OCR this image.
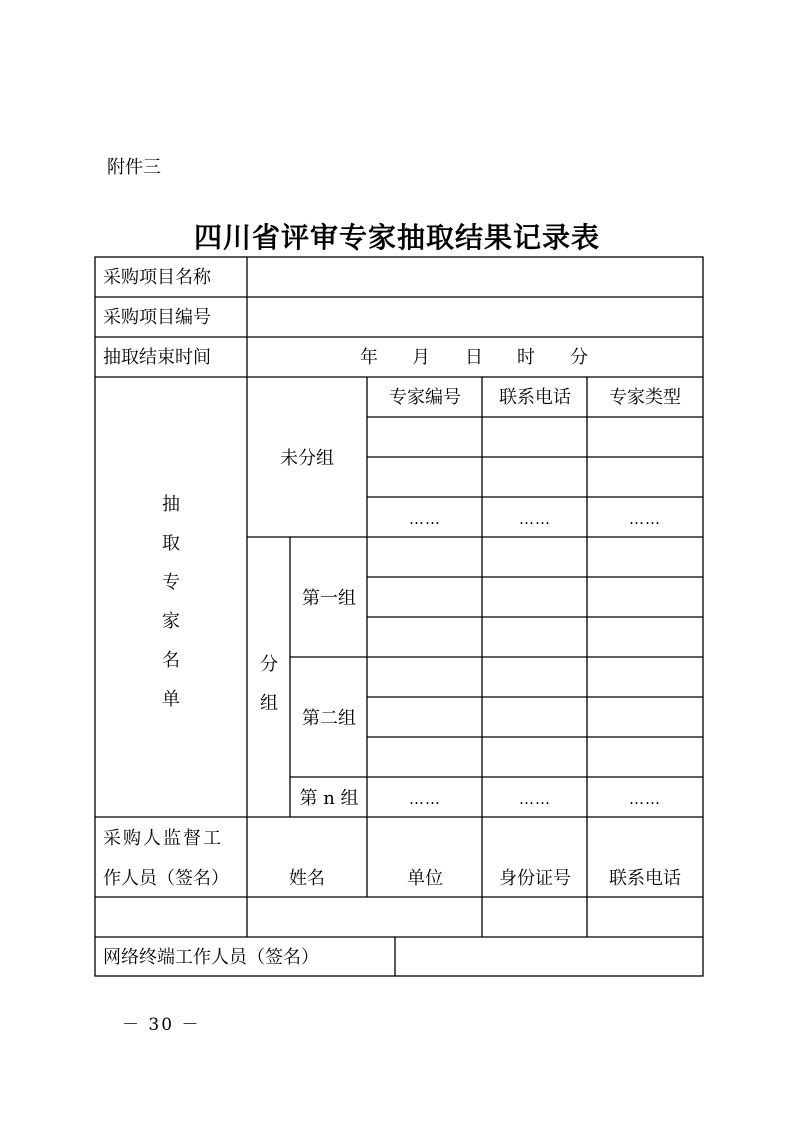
附件三
四川省评审专家抽取结果记录表
采购项目名称
采购项目编号
抽取结束时间	年 月 日 时 分
抽
取
专
家
名
单
专家编号 联系电话 专家类型
未分组
……	……	……
分
组
第一组
第二组
第 n 组	……	……	……
采购人监督工
作人员（签名）	姓名	单位	身份证号 联系电话
网络终端工作人员（签名）
－ 30 －
